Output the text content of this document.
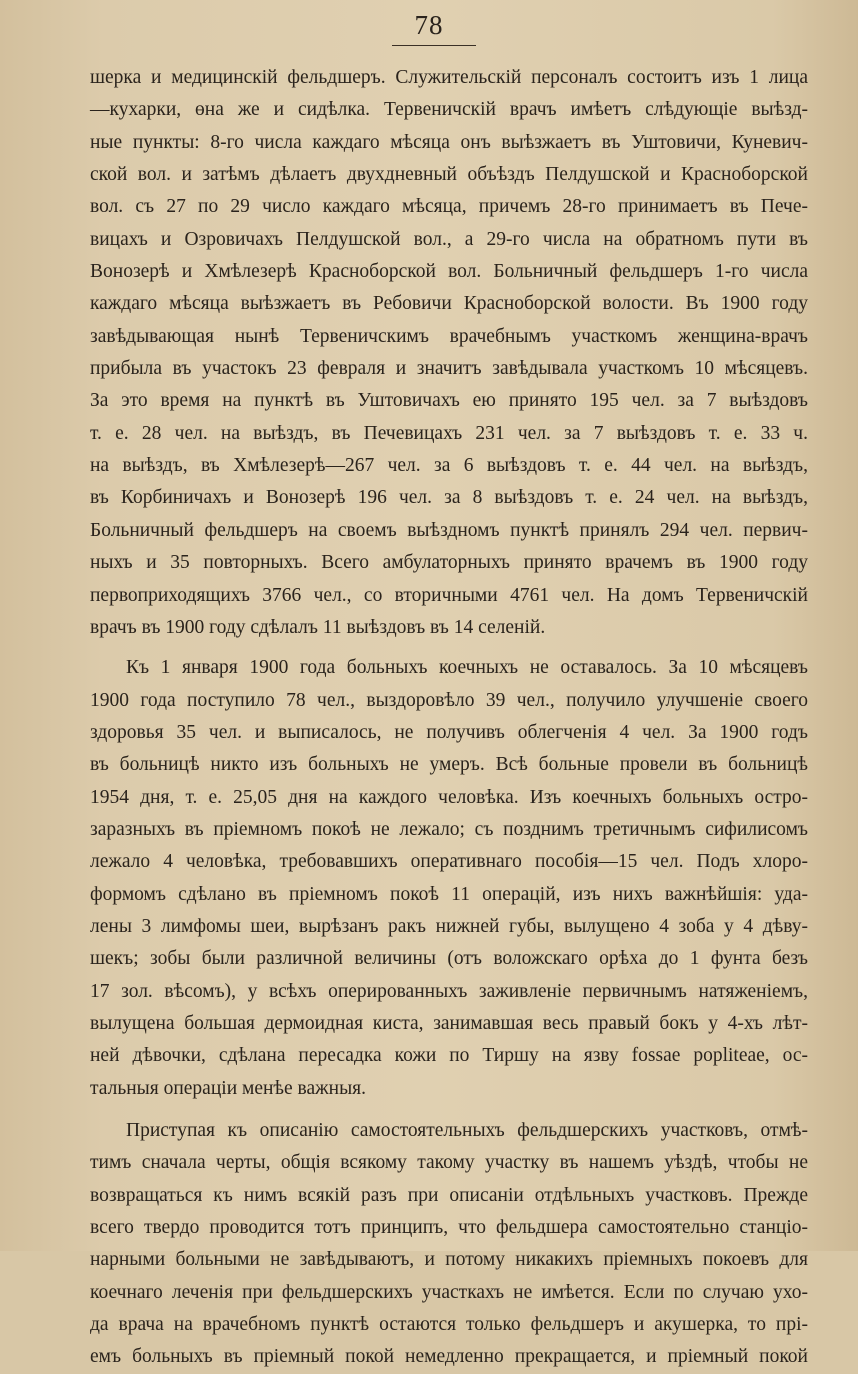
78
шерка и медицинскій фельдшеръ. Служительскій персоналъ состоитъ изъ 1 лица
—кухарки, өна же и сидѣлка. Тервеничскій врачъ имѣетъ слѣдующіе выѣзд-
ные пункты: 8-го числа каждаго мѣсяца онъ выѣзжаетъ въ Уштовичи, Куневич-
ской вол. и затѣмъ дѣлаетъ двухдневный объѣздъ Пелдушской и Красноборской
вол. съ 27 по 29 число каждаго мѣсяца, причемъ 28-го принимаетъ въ Пече-
вицахъ и Озровичахъ Пелдушской вол., а 29-го числа на обратномъ пути въ
Вонозерѣ и Хмѣлезерѣ Красноборской вол. Больничный фельдшеръ 1-го числа
каждаго мѣсяца выѣзжаетъ въ Ребовичи Красноборской волости. Въ 1900 году
завѣдывающая нынѣ Тервеничскимъ врачебнымъ участкомъ женщина-врачъ
прибыла въ участокъ 23 февраля и значитъ завѣдывала участкомъ 10 мѣсяцевъ.
За это время на пунктѣ въ Уштовичахъ ею принято 195 чел. за 7 выѣздовъ
т. е. 28 чел. на выѣздъ, въ Печевицахъ 231 чел. за 7 выѣздовъ т. е. 33 ч.
на выѣздъ, въ Хмѣлезерѣ—267 чел. за 6 выѣздовъ т. е. 44 чел. на выѣздъ,
въ Корбиничахъ и Вонозерѣ 196 чел. за 8 выѣздовъ т. е. 24 чел. на выѣздъ,
Больничный фельдшеръ на своемъ выѣздномъ пунктѣ принялъ 294 чел. первич-
ныхъ и 35 повторныхъ. Всего амбулаторныхъ принято врачемъ въ 1900 году
первоприходящихъ 3766 чел., со вторичными 4761 чел. На домъ Тервеничскій
врачъ въ 1900 году сдѣлалъ 11 выѣздовъ въ 14 селеній.
Къ 1 января 1900 года больныхъ коечныхъ не оставалось. За 10 мѣсяцевъ
1900 года поступило 78 чел., выздоровѣло 39 чел., получило улучшеніе своего
здоровья 35 чел. и выписалось, не получивъ облегченія 4 чел. За 1900 годъ
въ больницѣ никто изъ больныхъ не умеръ. Всѣ больные провели въ больницѣ
1954 дня, т. е. 25,05 дня на каждого человѣка. Изъ коечныхъ больныхъ остро-
заразныхъ въ пріемномъ покоѣ не лежало; съ позднимъ третичнымъ сифилисомъ
лежало 4 человѣка, требовавшихъ оперативнаго пособія—15 чел. Подъ хлоро-
формомъ сдѣлано въ пріемномъ покоѣ 11 операцій, изъ нихъ важнѣйшія: уда-
лены 3 лимфомы шеи, вырѣзанъ ракъ нижней губы, вылущено 4 зоба у 4 дѣву-
шекъ; зобы были различной величины (отъ воложскаго орѣха до 1 фунта безъ
17 зол. вѣсомъ), у всѣхъ оперированныхъ заживленіе первичнымъ натяженіемъ,
вылущена большая дермоидная киста, занимавшая весь правый бокъ у 4-хъ лѣт-
ней дѣвочки, сдѣлана пересадка кожи по Тиршу на язву fossae popliteae, ос-
тальныя операціи менѣе важныя.
Приступая къ описанію самостоятельныхъ фельдшерскихъ участковъ, отмѣ-
тимъ сначала черты, общія всякому такому участку въ нашемъ уѣздѣ, чтобы не
возвращаться къ нимъ всякій разъ при описаніи отдѣльныхъ участковъ. Прежде
всего твердо проводится тотъ принципъ, что фельдшера самостоятельно станціо-
нарными больными не завѣдываютъ, и потому никакихъ пріемныхъ покоевъ для
коечнаго леченія при фельдшерскихъ участкахъ не имѣется. Если по случаю ухо-
да врача на врачебномъ пунктѣ остаются только фельдшеръ и акушерка, то прі-
емъ больныхъ въ пріемный покой немедленно прекращается, и пріемный покой
